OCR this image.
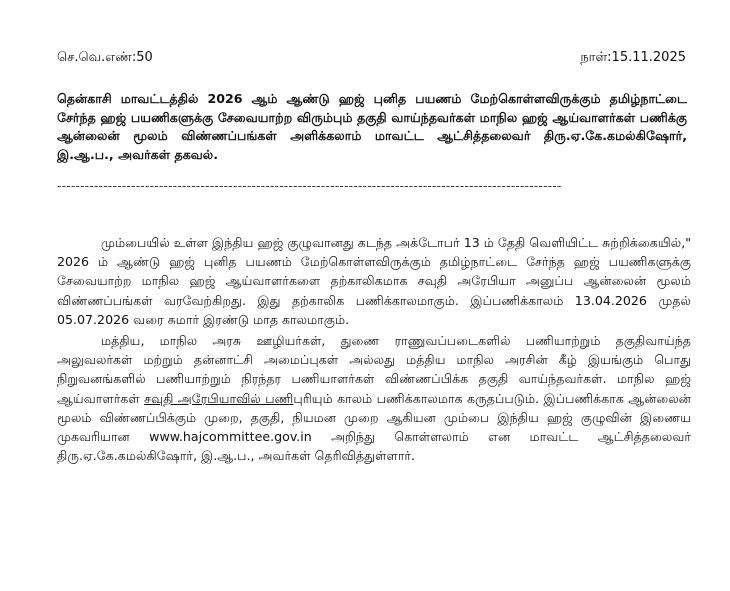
செ.வெ.எண்:50	நாள்:15.11.2025
தென்காசி மாவட்டத்தில் 2026 ஆம் ஆண்டு ஹஜ் புனித பயணம் மேற்கொள்ளவிருக்கும் தமிழ்நாட்டை சேர்ந்த ஹஜ் பயணிகளுக்கு சேவையாற்ற விரும்பும் தகுதி வாய்ந்தவர்கள் மாநில ஹஜ் ஆய்வாளர்கள் பணிக்கு ஆன்லைன் மூலம் விண்ணப்பங்கள் அளிக்கலாம் மாவட்ட ஆட்சித்தலைவர் திரு.ஏ.கே.கமல்கிஷோர், இ.ஆ.ப., அவர்கள் தகவல்.
-------------------------------------------------------------------------------------------------------------

மும்பையில் உள்ள இந்திய ஹஜ் குழுவானது கடந்த அக்டோபர் 13 ம் தேதி வெளியிட்ட சுற்றிக்கையில்," 2026 ம் ஆண்டு ஹஜ் புனித பயணம் மேற்கொள்ளவிருக்கும் தமிழ்நாட்டை சேர்ந்த ஹஜ் பயணிகளுக்கு சேவையாற்ற மாநில ஹஜ் ஆய்வாளர்களை தற்காலிகமாக சவுதி அரேபியா அனுப்ப ஆன்லைன் மூலம் விண்ணப்பங்கள் வரவேற்கிறது. இது தற்காலிக பணிக்காலமாகும். இப்பணிக்காலம் 13.04.2026 முதல் 05.07.2026 வரை சுமார் இரண்டு மாத காலமாகும்.

மத்திய, மாநில அரசு ஊழியர்கள், துணை ராணுவப்படைகளில் பணியாற்றும் தகுதிவாய்ந்த அலுவலர்கள் மற்றும் தன்னாட்சி அமைப்புகள் அல்லது மத்திய மாநில அரசின் கீழ் இயங்கும் பொது நிறுவனங்களில் பணியாற்றும் நிரந்தர பணியாளர்கள் விண்ணப்பிக்க தகுதி வாய்ந்தவர்கள். மாநில ஹஜ் ஆய்வாளர்கள் சவுதி அரேபியாவில் பணிபுரியும் காலம் பணிக்காலமாக கருதப்படும். இப்பணிக்காக ஆன்லைன் மூலம் விண்ணப்பிக்கும் முறை, தகுதி, நியமன முறை ஆகியன மும்பை இந்திய ஹஜ் குழுவின் இணைய முகவரியான www.hajcommittee.gov.in அறிந்து கொள்ளலாம் என மாவட்ட ஆட்சித்தலைவர் திரு.ஏ.கே.கமல்கிஷோர், இ.ஆ.ப., அவர்கள் தெரிவித்துள்ளார்.
